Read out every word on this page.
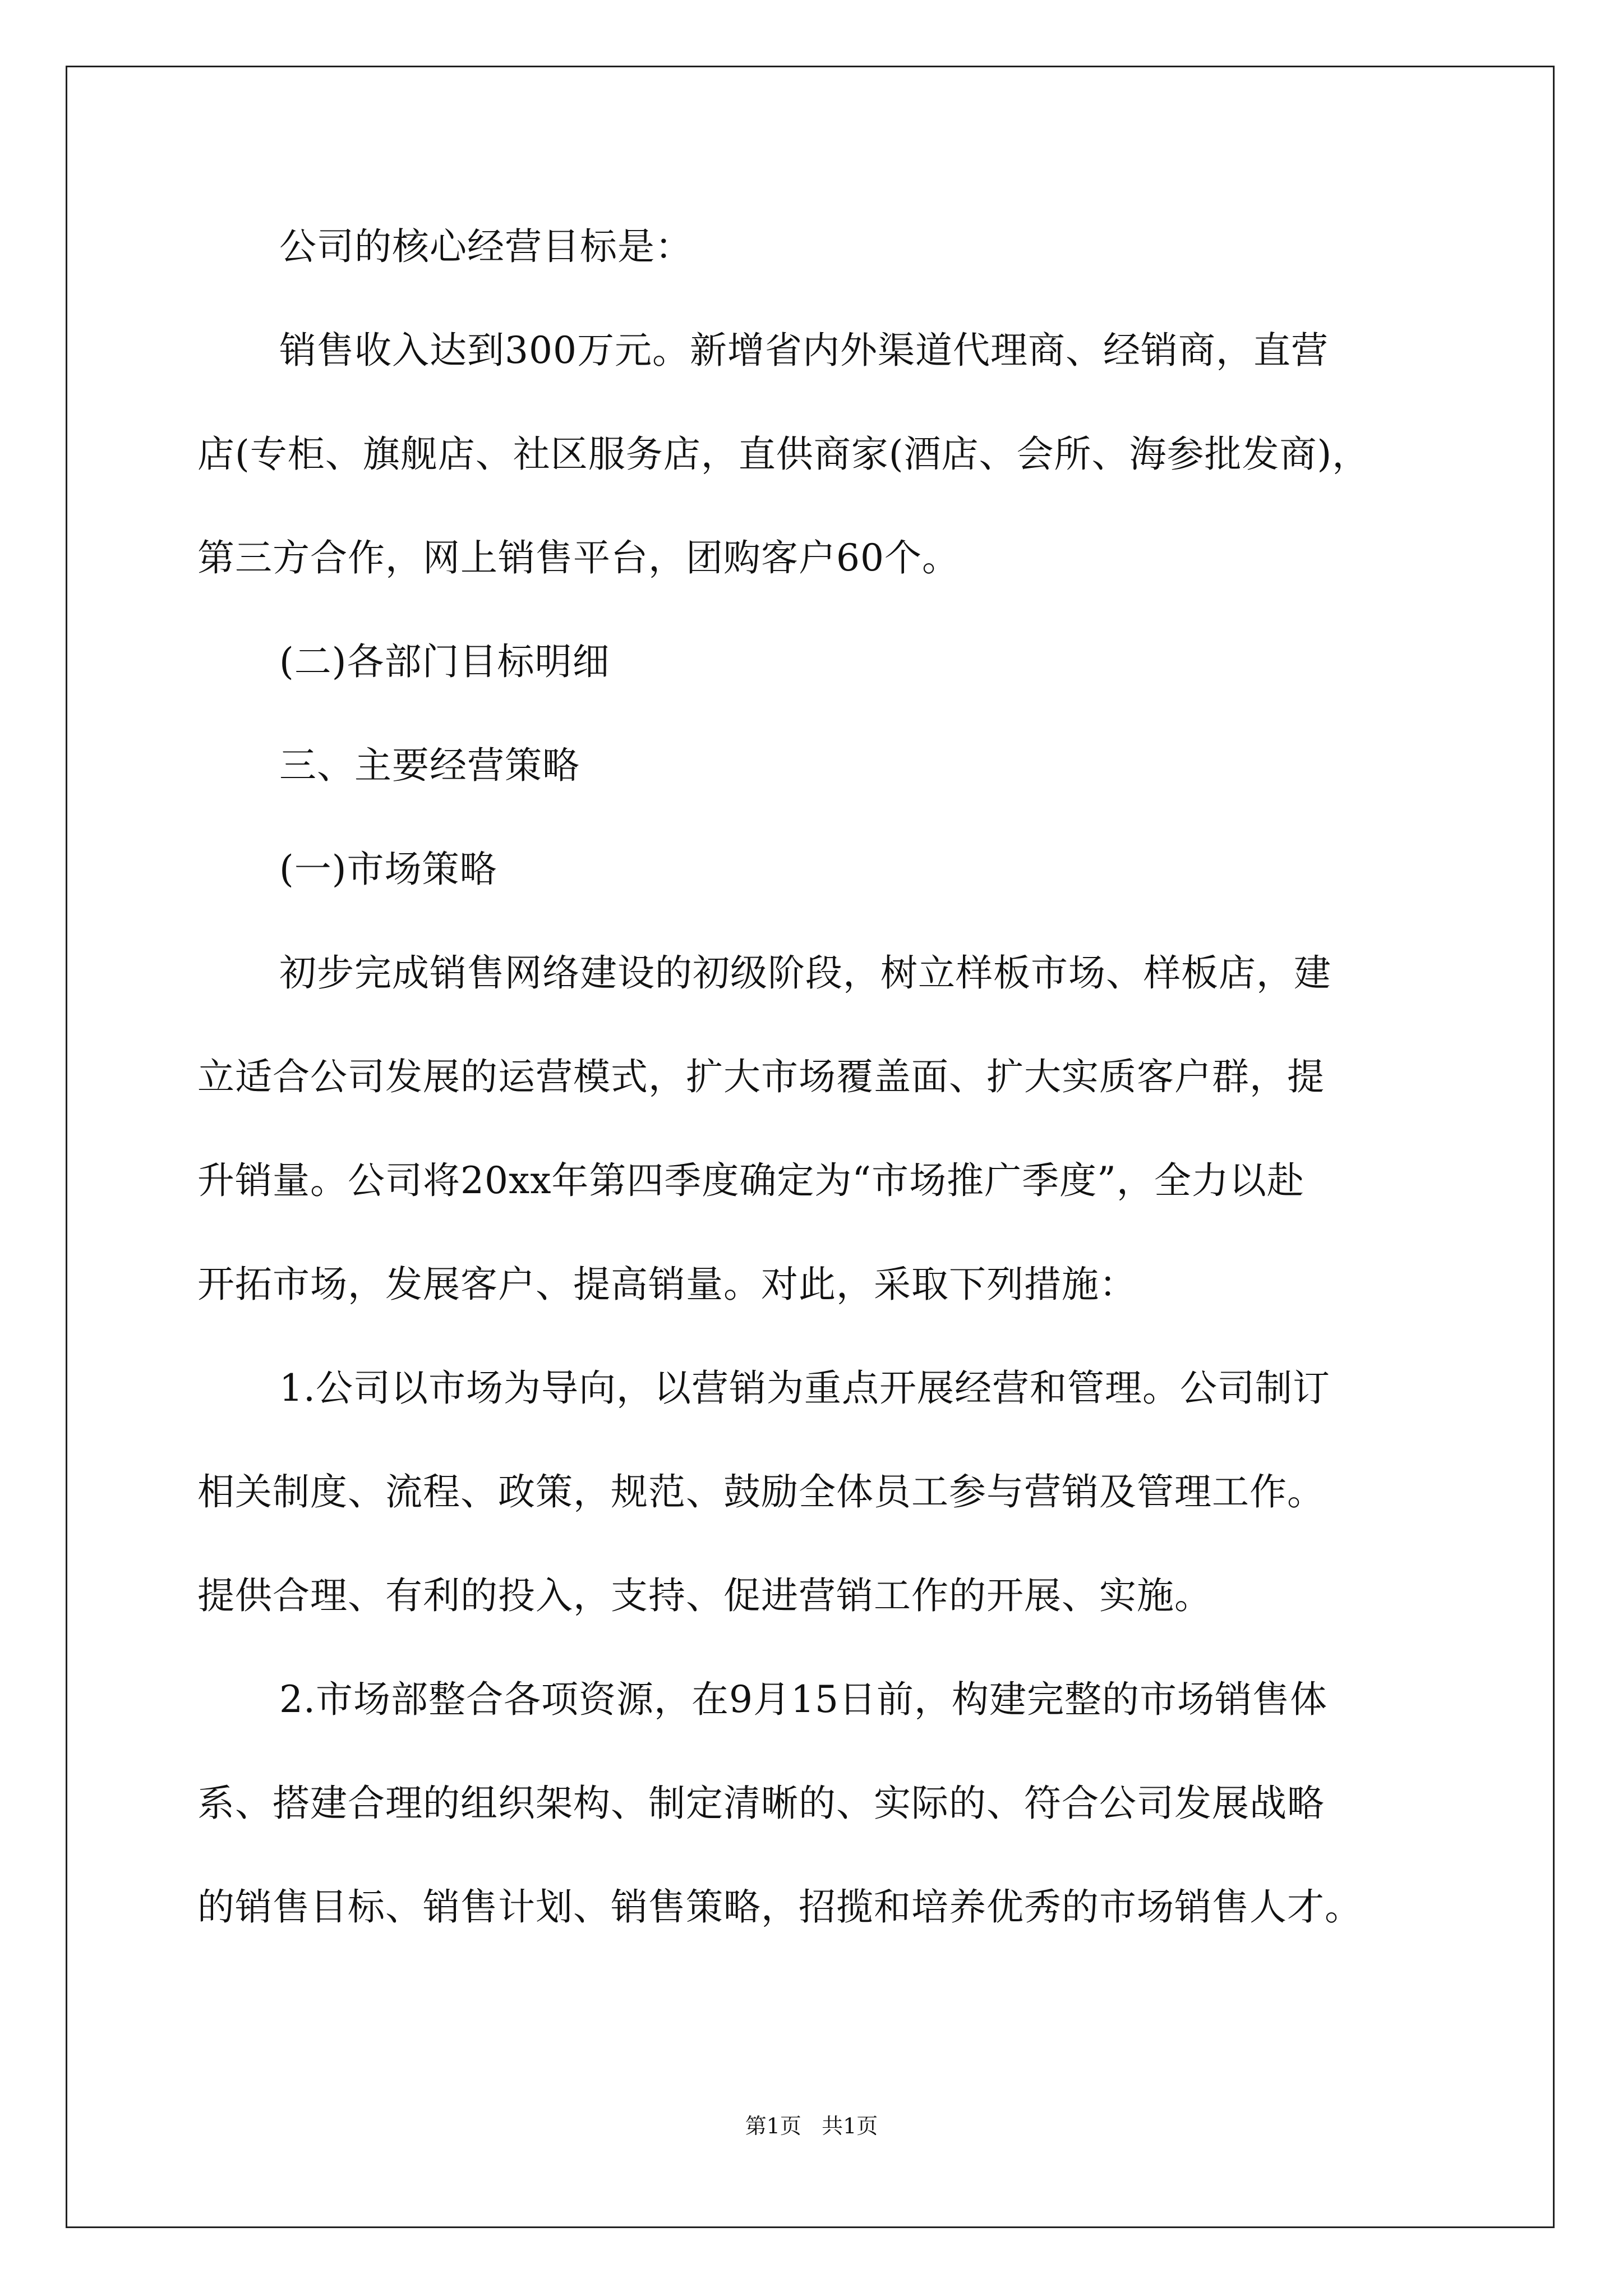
公司的核心经营目标是：
销售收入达到300万元。新增省内外渠道代理商、经销商，直营
店(专柜、旗舰店、社区服务店，直供商家(酒店、会所、海参批发商)，
第三方合作，网上销售平台，团购客户60个。
(二)各部门目标明细
三、主要经营策略
(一)市场策略
初步完成销售网络建设的初级阶段，树立样板市场、样板店，建
立适合公司发展的运营模式，扩大市场覆盖面、扩大实质客户群，提
升销量。公司将20xx年第四季度确定为“市场推广季度”，全力以赴
开拓市场，发展客户、提高销量。对此，采取下列措施：
1.公司以市场为导向，以营销为重点开展经营和管理。公司制订
相关制度、流程、政策，规范、鼓励全体员工参与营销及管理工作。
提供合理、有利的投入，支持、促进营销工作的开展、实施。
2.市场部整合各项资源，在9月15日前，构建完整的市场销售体
系、搭建合理的组织架构、制定清晰的、实际的、符合公司发展战略
的销售目标、销售计划、销售策略，招揽和培养优秀的市场销售人才。
第1页   共1页
